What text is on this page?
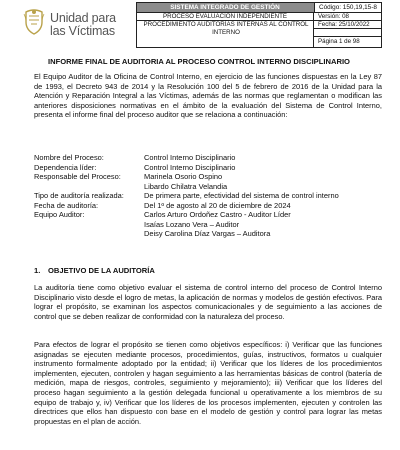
Unidad para
las Víctimas
SISTEMA INTEGRADO DE GESTIÓN	Código: 150,19,15-8
PROCESO EVALUACIÓN INDEPENDIENTE	Versión: 08
PROCEDIMIENTO AUDITORÍAS INTERNAS AL CONTROL INTERNO
Fecha: 25/10/2022
Página 1 de 98
INFORME FINAL DE AUDITORIA AL PROCESO CONTROL INTERNO DISCIPLINARIO
El Equipo Auditor de la Oficina de Control Interno, en ejercicio de las funciones dispuestas en la Ley 87 de 1993, el Decreto 943 de 2014 y la Resolución 100 del 5 de febrero de 2016 de la Unidad para la Atención y Reparación Integral a las Víctimas, además de las normas que reglamentan o modifican las anteriores disposiciones normativas en el ámbito de la evaluación del Sistema de Control Interno, presenta el informe final del proceso auditor que se relaciona a continuación:
Nombre del Proceso:	Control Interno Disciplinario
Dependencia líder:	Control Interno Disciplinario
Responsable del Proceso:	Marinela Osorio Ospino
Libardo Chilatra Velandia
Tipo de auditoría realizada:	De primera parte, efectividad del sistema de control interno
Fecha de auditoría:	Del 1º de agosto al 20 de diciembre de 2024
Equipo Auditor:	Carlos Arturo Ordoñez Castro - Auditor Líder
Isaías Lozano Vera – Auditor
Deisy Carolina Díaz Vargas – Auditora
1. OBJETIVO DE LA AUDITORÍA
La auditoría tiene como objetivo evaluar el sistema de control interno del proceso de Control Interno Disciplinario visto desde el logro de metas, la aplicación de normas y modelos de gestión efectivos. Para lograr el propósito, se examinan los aspectos comunicacionales y de seguimiento a las acciones de control que se deben realizar de conformidad con la naturaleza del proceso.
Para efectos de lograr el propósito se tienen como objetivos específicos: i) Verificar que las funciones asignadas se ejecuten mediante procesos, procedimientos, guías, instructivos, formatos u cualquier instrumento formalmente adoptado por la entidad; ii) Verificar que los líderes de los procedimientos implementen, ejecuten, controlen y hagan seguimiento a las herramientas básicas de control (batería de medición, mapa de riesgos, controles, seguimiento y mejoramiento); iii) Verificar que los líderes del proceso hagan seguimiento a la gestión delegada funcional u operativamente a los miembros de su equipo de trabajo y, iv) Verificar que los líderes de los procesos implementen, ejecuten y controlen las directrices que ellos han dispuesto con base en el modelo de gestión y control para lograr las metas propuestas en el plan de acción.
